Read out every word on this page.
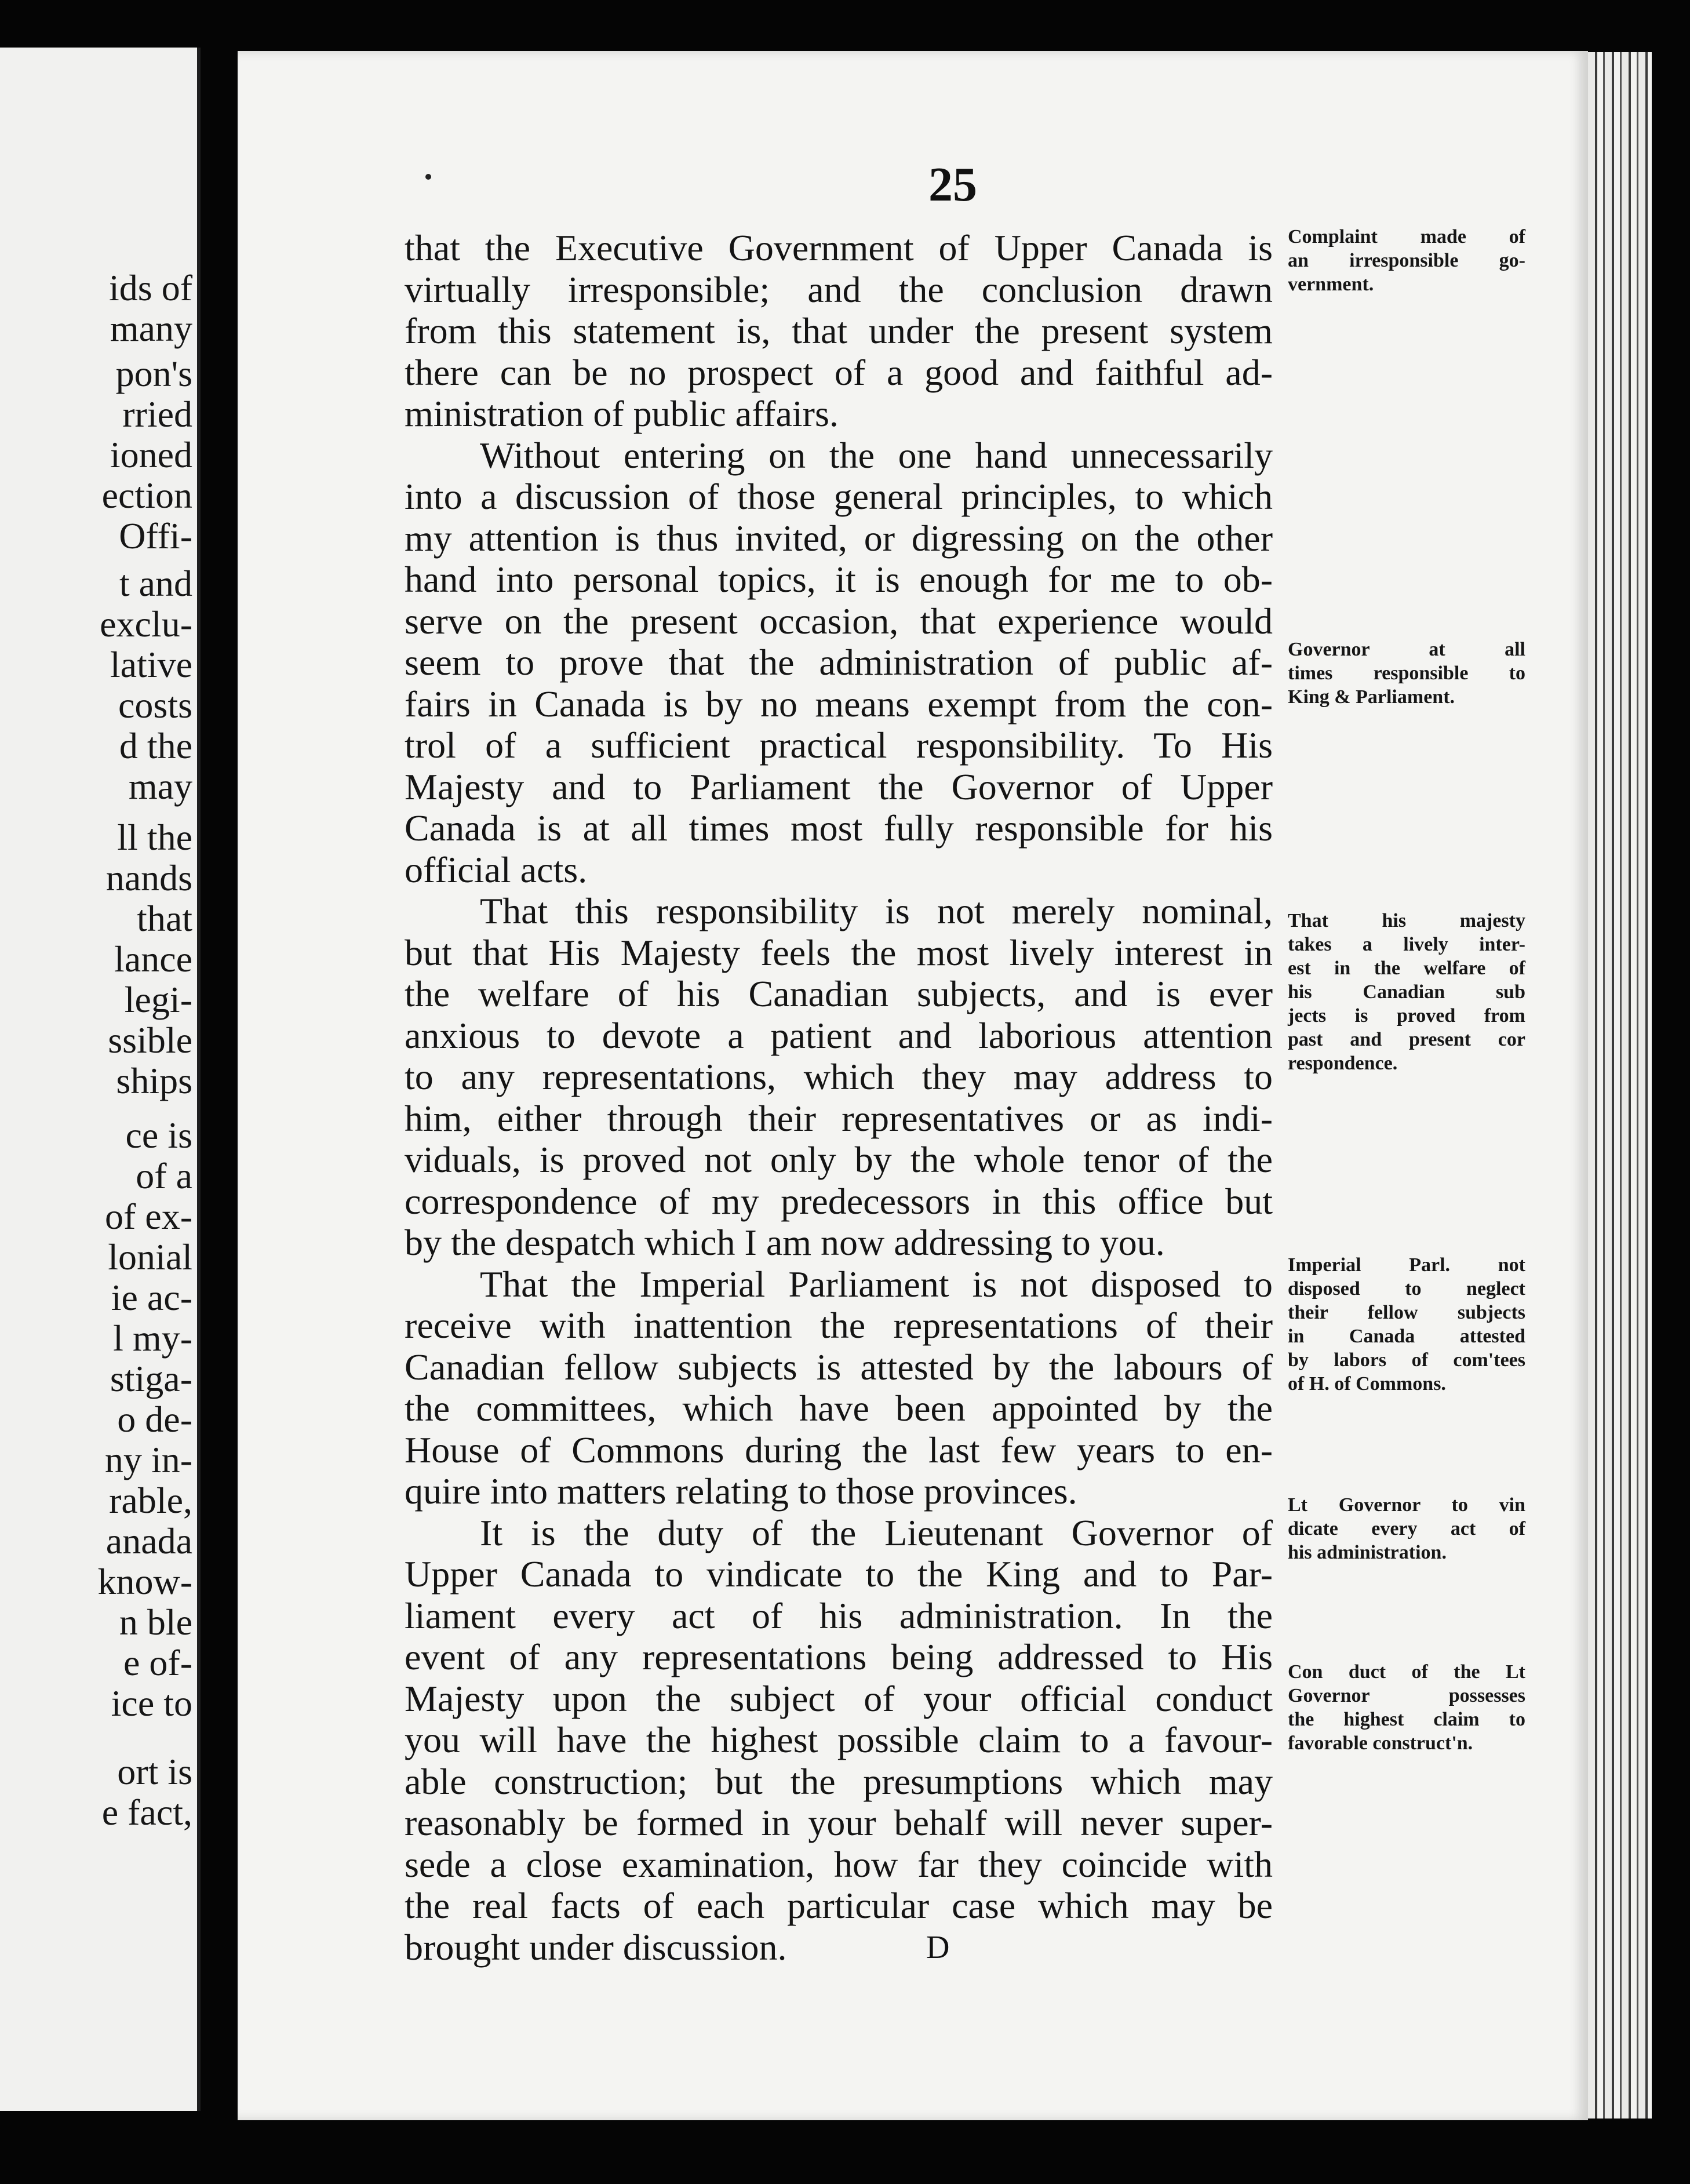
ids of
many
pon's
rried
ioned
ection
Offi-
t and
exclu-
lative
costs
d the
may
ll the
nands
that
lance
legi-
ssible
ships
ce is
of a
of ex-
lonial
ie ac-
l my-
stiga-
o de-
ny in-
rable,
anada
know-
n ble
e of-
ice to
ort is
e fact,
25
that the Executive Government of Upper Canada is
virtually irresponsible; and the conclusion drawn
from this statement is, that under the present system
there can be no prospect of a good and faithful ad-
ministration of public affairs.
Without entering on the one hand unnecessarily
into a discussion of those general principles, to which
my attention is thus invited, or digressing on the other
hand into personal topics, it is enough for me to ob-
serve on the present occasion, that experience would
seem to prove that the administration of public af-
fairs in Canada is by no means exempt from the con-
trol of a sufficient practical responsibility. To His
Majesty and to Parliament the Governor of Upper
Canada is at all times most fully responsible for his
official acts.
That this responsibility is not merely nominal,
but that His Majesty feels the most lively interest in
the welfare of his Canadian subjects, and is ever
anxious to devote a patient and laborious attention
to any representations, which they may address to
him, either through their representatives or as indi-
viduals, is proved not only by the whole tenor of the
correspondence of my predecessors in this office but
by the despatch which I am now addressing to you.
That the Imperial Parliament is not disposed to
receive with inattention the representations of their
Canadian fellow subjects is attested by the labours of
the committees, which have been appointed by the
House of Commons during the last few years to en-
quire into matters relating to those provinces.
It is the duty of the Lieutenant Governor of
Upper Canada to vindicate to the King and to Par-
liament every act of his administration. In the
event of any representations being addressed to His
Majesty upon the subject of your official conduct
you will have the highest possible claim to a favour-
able construction; but the presumptions which may
reasonably be formed in your behalf will never super-
sede a close examination, how far they coincide with
the real facts of each particular case which may be
brought under discussion.
Complaint made of
an irresponsible go-
vernment.
Governor at all
times responsible to
King & Parliament.
That his majesty
takes a lively inter-
est in the welfare of
his Canadian sub
jects is proved from
past and present cor
respondence.
Imperial Parl. not
disposed to neglect
their fellow subjects
in Canada attested
by labors of com'tees
of H. of Commons.
Lt Governor to vin
dicate every act of
his administration.
Con duct of the Lt
Governor possesses
the highest claim to
favorable construct'n.
D
